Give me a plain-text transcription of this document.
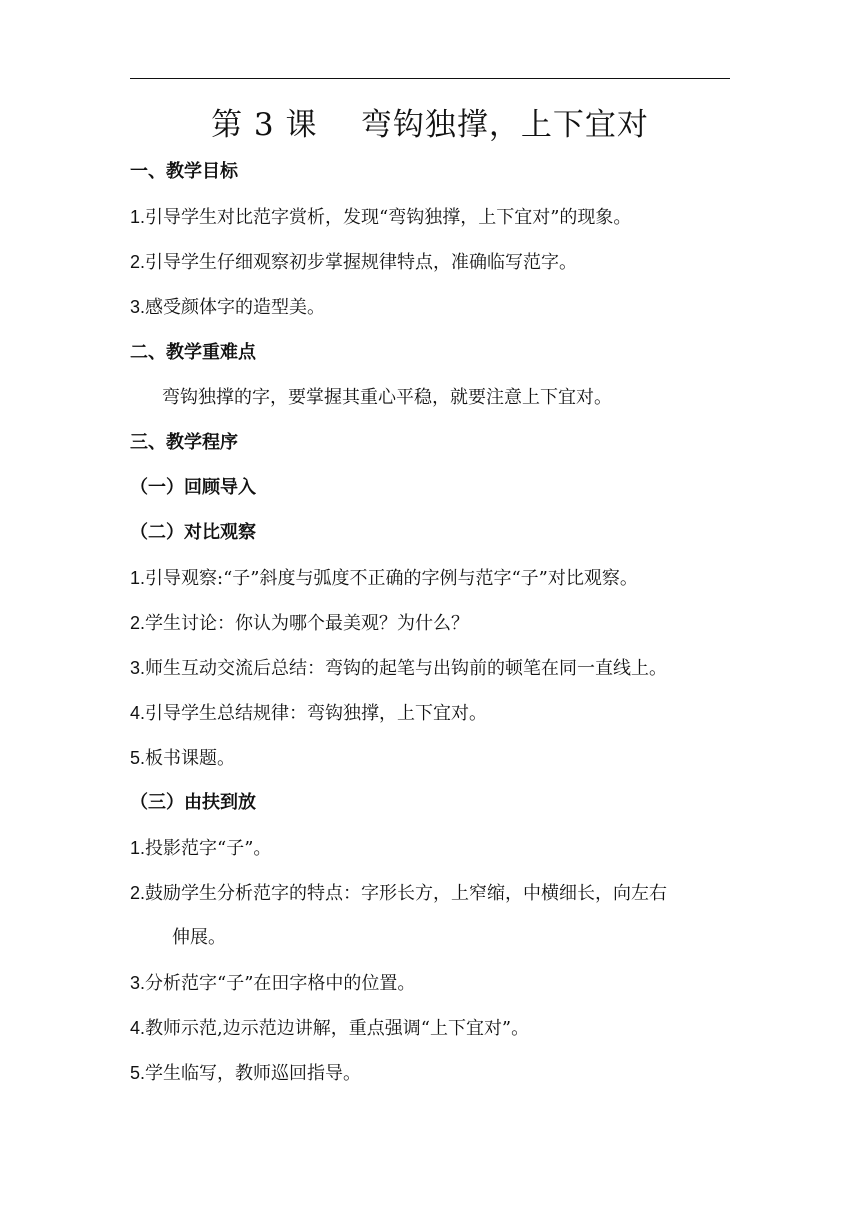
第 3 课    弯钩独撑，上下宜对
一、教学目标
1.引导学生对比范字赏析，发现“弯钩独撑，上下宜对”的现象。
2.引导学生仔细观察初步掌握规律特点，准确临写范字。
3.感受颜体字的造型美。
二、教学重难点
弯钩独撑的字，要掌握其重心平稳，就要注意上下宜对。
三、教学程序
（一）回顾导入
（二）对比观察
1.引导观察:“子”斜度与弧度不正确的字例与范字“子”对比观察。
2.学生讨论：你认为哪个最美观？为什么？
3.师生互动交流后总结：弯钩的起笔与出钩前的顿笔在同一直线上。
4.引导学生总结规律：弯钩独撑，上下宜对。
5.板书课题。
（三）由扶到放
1.投影范字“子”。
2.鼓励学生分析范字的特点：字形长方，上窄缩，中横细长，向左右
伸展。
3.分析范字“子”在田字格中的位置。
4.教师示范,边示范边讲解，重点强调“上下宜对”。
5.学生临写，教师巡回指导。
